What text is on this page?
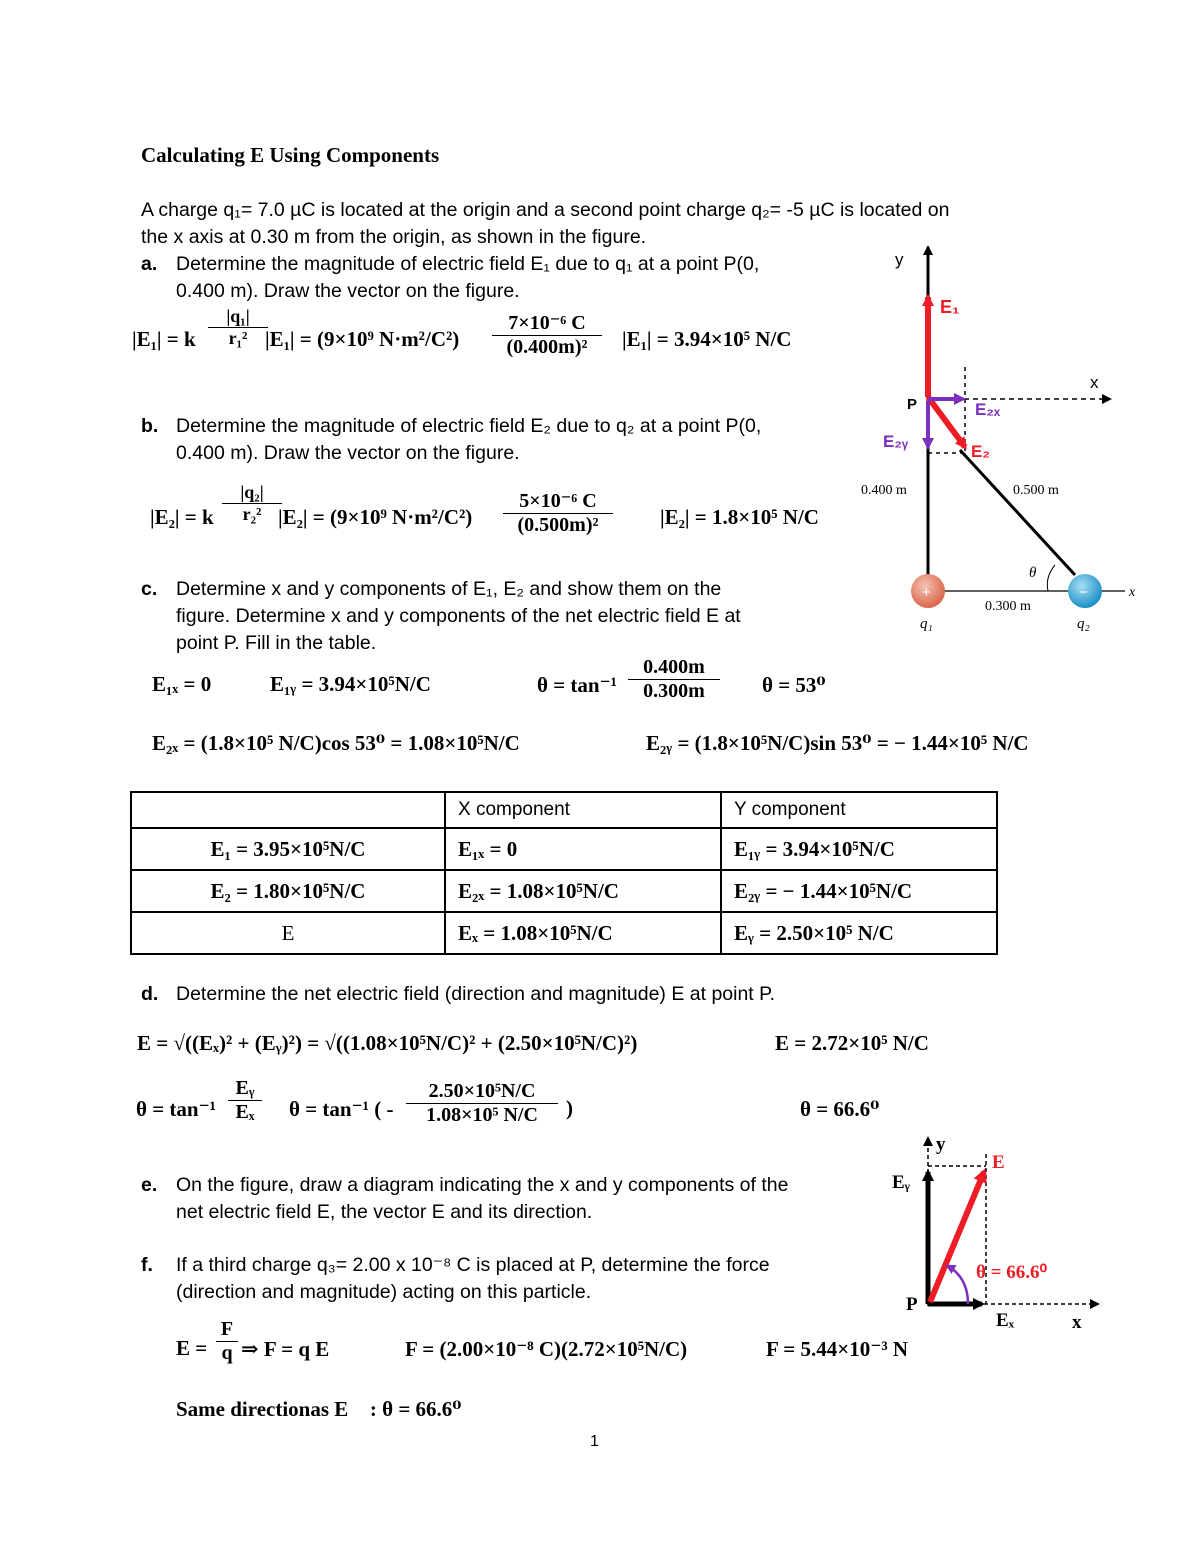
Calculating E Using Components
A charge q₁= 7.0 µC is located at the origin and a second point charge q₂= -5 µC is located on
the x axis at 0.30 m from the origin, as shown in the figure.
a. Determine the magnitude of electric field E₁ due to q₁ at a point P(0,
0.400 m). Draw the vector on the figure.
|E₁| = k
|q₁|
r₁² |E₁| = (9×10⁹ N·m²/C²)
7×10⁻⁶ C
(0.400m)²	|E₁| = 3.94×10⁵ N/C
b. Determine the magnitude of electric field E₂ due to q₂ at a point P(0,
0.400 m). Draw the vector on the figure.
|E₂| = k
|q₂|
r₂² |E₂| = (9×10⁹ N·m²/C²)
5×10⁻⁶ C
(0.500m)²	|E₂| = 1.8×10⁵ N/C
c. Determine x and y components of E₁, E₂ and show them on the
figure. Determine x and y components of the net electric field E at
point P. Fill in the table.
E₁ₓ = 0	E₁ᵧ = 3.94×10⁵N/C	θ = tan⁻¹
0.400m
0.300m	θ = 53⁰
E₂ₓ = (1.8×10⁵ N/C)cos 53⁰ = 1.08×10⁵N/C	E₂ᵧ = (1.8×10⁵N/C)sin 53⁰ = − 1.44×10⁵ N/C
	X component	Y component
E₁ = 3.95×10⁵N/C	E₁ₓ = 0	E₁ᵧ = 3.94×10⁵N/C
E₂ = 1.80×10⁵N/C	E₂ₓ = 1.08×10⁵N/C	E₂ᵧ = − 1.44×10⁵N/C
E	Eₓ = 1.08×10⁵N/C	Eᵧ = 2.50×10⁵ N/C
d. Determine the net electric field (direction and magnitude) E at point P.
E = √((Eₓ)² + (Eᵧ)²) = √((1.08×10⁵N/C)² + (2.50×10⁵N/C)²)	E = 2.72×10⁵ N/C
θ = tan⁻¹
Eᵧ
Eₓ	θ = tan⁻¹ ( -
2.50×10⁵N/C
1.08×10⁵ N/C	)	θ = 66.6⁰
e. On the figure, draw a diagram indicating the x and y components of the
net electric field E, the vector E and its direction.
f. If a third charge q₃= 2.00 x 10⁻⁸ C is placed at P, determine the force
(direction and magnitude) acting on this particle.
E =
F
q ⇒ F = q E	F = (2.00×10⁻⁸ C)(2.72×10⁵N/C)	F = 5.44×10⁻³ N
Same directionas E⃗ : θ = 66.6⁰
y
x
x
P
E₁
E₂
E₂ₓ
E₂ᵧ
0.400 m	0.500 m
0.300 m
θ
+	−
q₁	q₂
y
x
P
E
Eᵧ
Eₓ
θ = 66.6⁰
1
